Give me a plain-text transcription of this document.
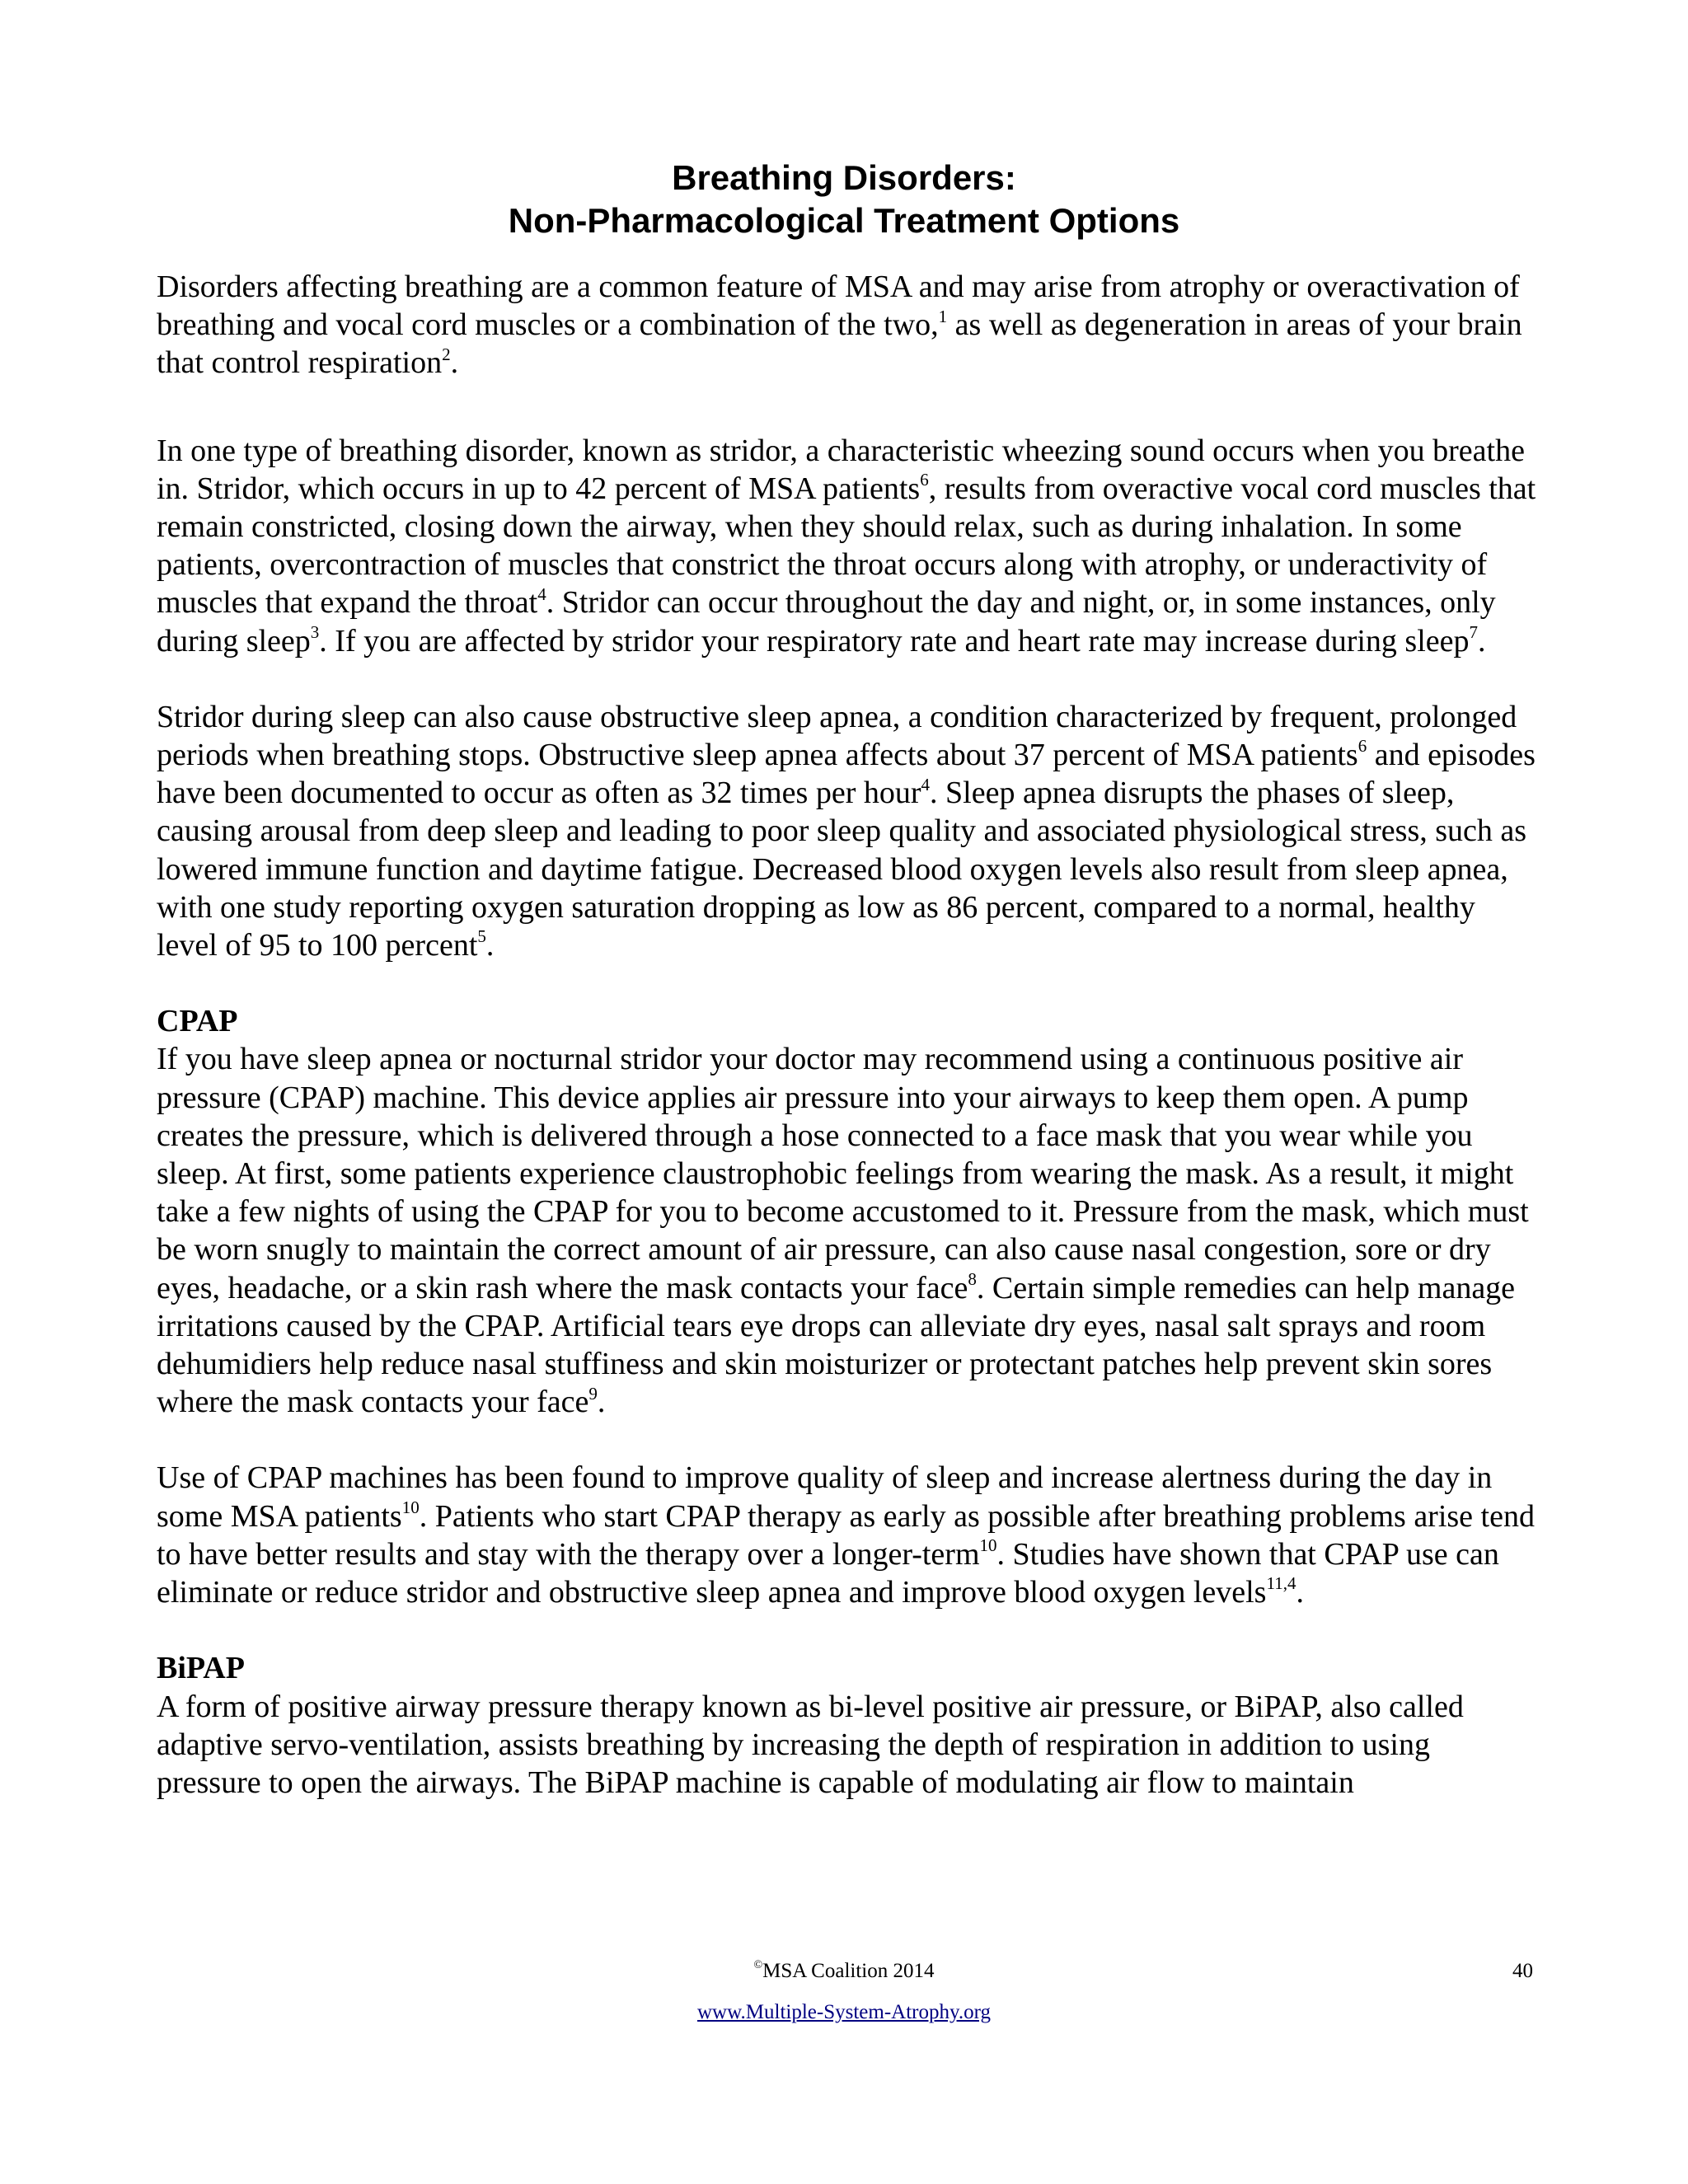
Breathing Disorders:
Non-Pharmacological Treatment Options

Disorders affecting breathing are a common feature of MSA and may arise from atrophy or overactivation of breathing and vocal cord muscles or a combination of the two,$^1$ as well as degeneration in areas of your brain that control respiration$^2$.

In one type of breathing disorder, known as stridor, a characteristic wheezing sound occurs when you breathe in. Stridor, which occurs in up to 42 percent of MSA patients$^6$, results from overactive vocal cord muscles that remain constricted, closing down the airway, when they should relax, such as during inhalation. In some patients, overcontraction of muscles that constrict the throat occurs along with atrophy, or underactivity of muscles that expand the throat$^4$. Stridor can occur throughout the day and night, or, in some instances, only during sleep$^3$. If you are affected by stridor your respiratory rate and heart rate may increase during sleep$^7$.

Stridor during sleep can also cause obstructive sleep apnea, a condition characterized by frequent, prolonged periods when breathing stops. Obstructive sleep apnea affects about 37 percent of MSA patients$^6$ and episodes have been documented to occur as often as 32 times per hour$^4$. Sleep apnea disrupts the phases of sleep, causing arousal from deep sleep and leading to poor sleep quality and associated physiological stress, such as lowered immune function and daytime fatigue. Decreased blood oxygen levels also result from sleep apnea, with one study reporting oxygen saturation dropping as low as 86 percent, compared to a normal, healthy level of 95 to 100 percent$^5$.

CPAP

If you have sleep apnea or nocturnal stridor your doctor may recommend using a continuous positive air pressure (CPAP) machine. This device applies air pressure into your airways to keep them open. A pump creates the pressure, which is delivered through a hose connected to a face mask that you wear while you sleep. At first, some patients experience claustrophobic feelings from wearing the mask. As a result, it might take a few nights of using the CPAP for you to become accustomed to it. Pressure from the mask, which must be worn snugly to maintain the correct amount of air pressure, can also cause nasal congestion, sore or dry eyes, headache, or a skin rash where the mask contacts your face$^8$. Certain simple remedies can help manage irritations caused by the CPAP. Artificial tears eye drops can alleviate dry eyes, nasal salt sprays and room dehumidiers help reduce nasal stuffiness and skin moisturizer or protectant patches help prevent skin sores where the mask contacts your face$^9$.

Use of CPAP machines has been found to improve quality of sleep and increase alertness during the day in some MSA patients$^{10}$. Patients who start CPAP therapy as early as possible after breathing problems arise tend to have better results and stay with the therapy over a longer-term$^{10}$. Studies have shown that CPAP use can eliminate or reduce stridor and obstructive sleep apnea and improve blood oxygen levels$^{11,4}$.

BiPAP

A form of positive airway pressure therapy known as bi-level positive air pressure, or BiPAP, also called adaptive servo-ventilation, assists breathing by increasing the depth of respiration in addition to using pressure to open the airways. The BiPAP machine is capable of modulating air flow to maintain

©MSA Coalition 2014	40
www.Multiple-System-Atrophy.org
